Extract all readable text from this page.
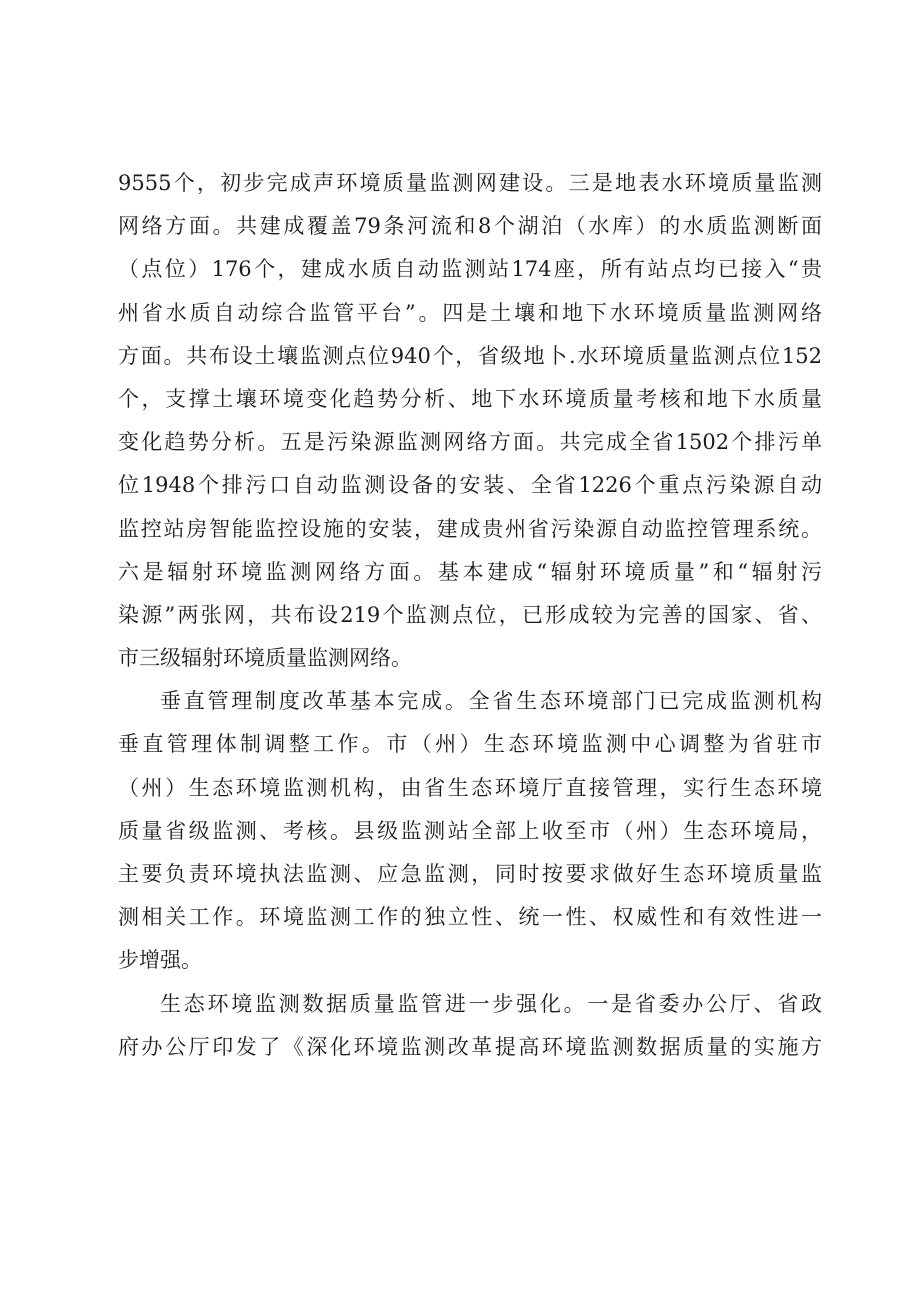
9555个，初步完成声环境质量监测网建设。三是地表水环境质量监测
网络方面。共建成覆盖79条河流和8个湖泊（水库）的水质监测断面
（点位）176个，建成水质自动监测站174座，所有站点均已接入“贵
州省水质自动综合监管平台”。四是土壤和地下水环境质量监测网络
方面。共布设土壤监测点位940个，省级地卜.水环境质量监测点位152
个，支撑土壤环境变化趋势分析、地下水环境质量考核和地下水质量
变化趋势分析。五是污染源监测网络方面。共完成全省1502个排污单
位1948个排污口自动监测设备的安装、全省1226个重点污染源自动
监控站房智能监控设施的安装，建成贵州省污染源自动监控管理系统。
六是辐射环境监测网络方面。基本建成“辐射环境质量”和“辐射污
染源”两张网，共布设219个监测点位，已形成较为完善的国家、省、
市三级辐射环境质量监测网络。
垂直管理制度改革基本完成。全省生态环境部门已完成监测机构
垂直管理体制调整工作。市（州）生态环境监测中心调整为省驻市
（州）生态环境监测机构，由省生态环境厅直接管理，实行生态环境
质量省级监测、考核。县级监测站全部上收至市（州）生态环境局，
主要负责环境执法监测、应急监测，同时按要求做好生态环境质量监
测相关工作。环境监测工作的独立性、统一性、权威性和有效性进一
步增强。
生态环境监测数据质量监管进一步强化。一是省委办公厅、省政
府办公厅印发了《深化环境监测改革提高环境监测数据质量的实施方
